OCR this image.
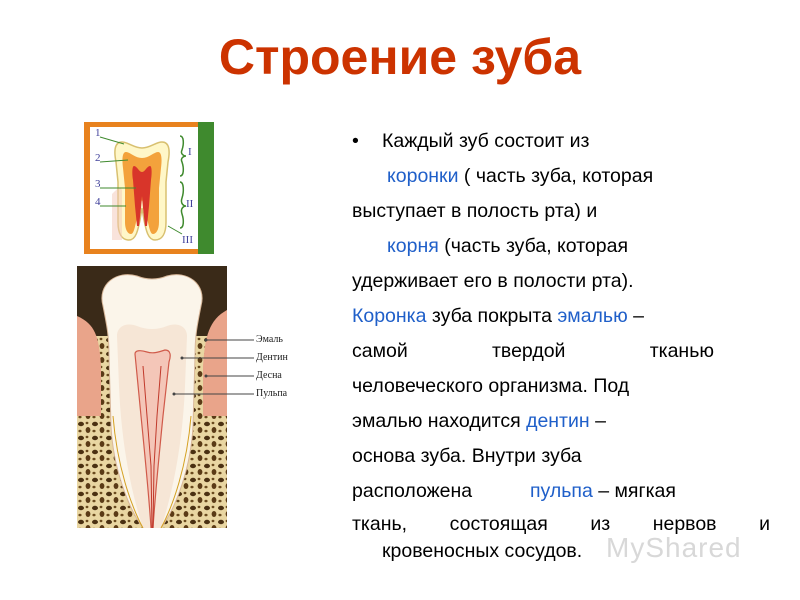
Строение зуба
1
2
3
4
I
II
III
Эмаль
Дентин
Десна
Пульпа
• Каждый зуб состоит из
коронки ( часть зуба, которая
выступает в полость рта) и
корня (часть зуба, которая
удерживает его в полости рта).
Коронка зуба покрыта эмалью –
самой	твердой	тканью
человеческого организма. Под
эмалью находится дентин –
основа зуба. Внутри зуба
расположена	пульпа – мягкая
ткань, состоящая из нервов и
кровеносных сосудов. MyShared
